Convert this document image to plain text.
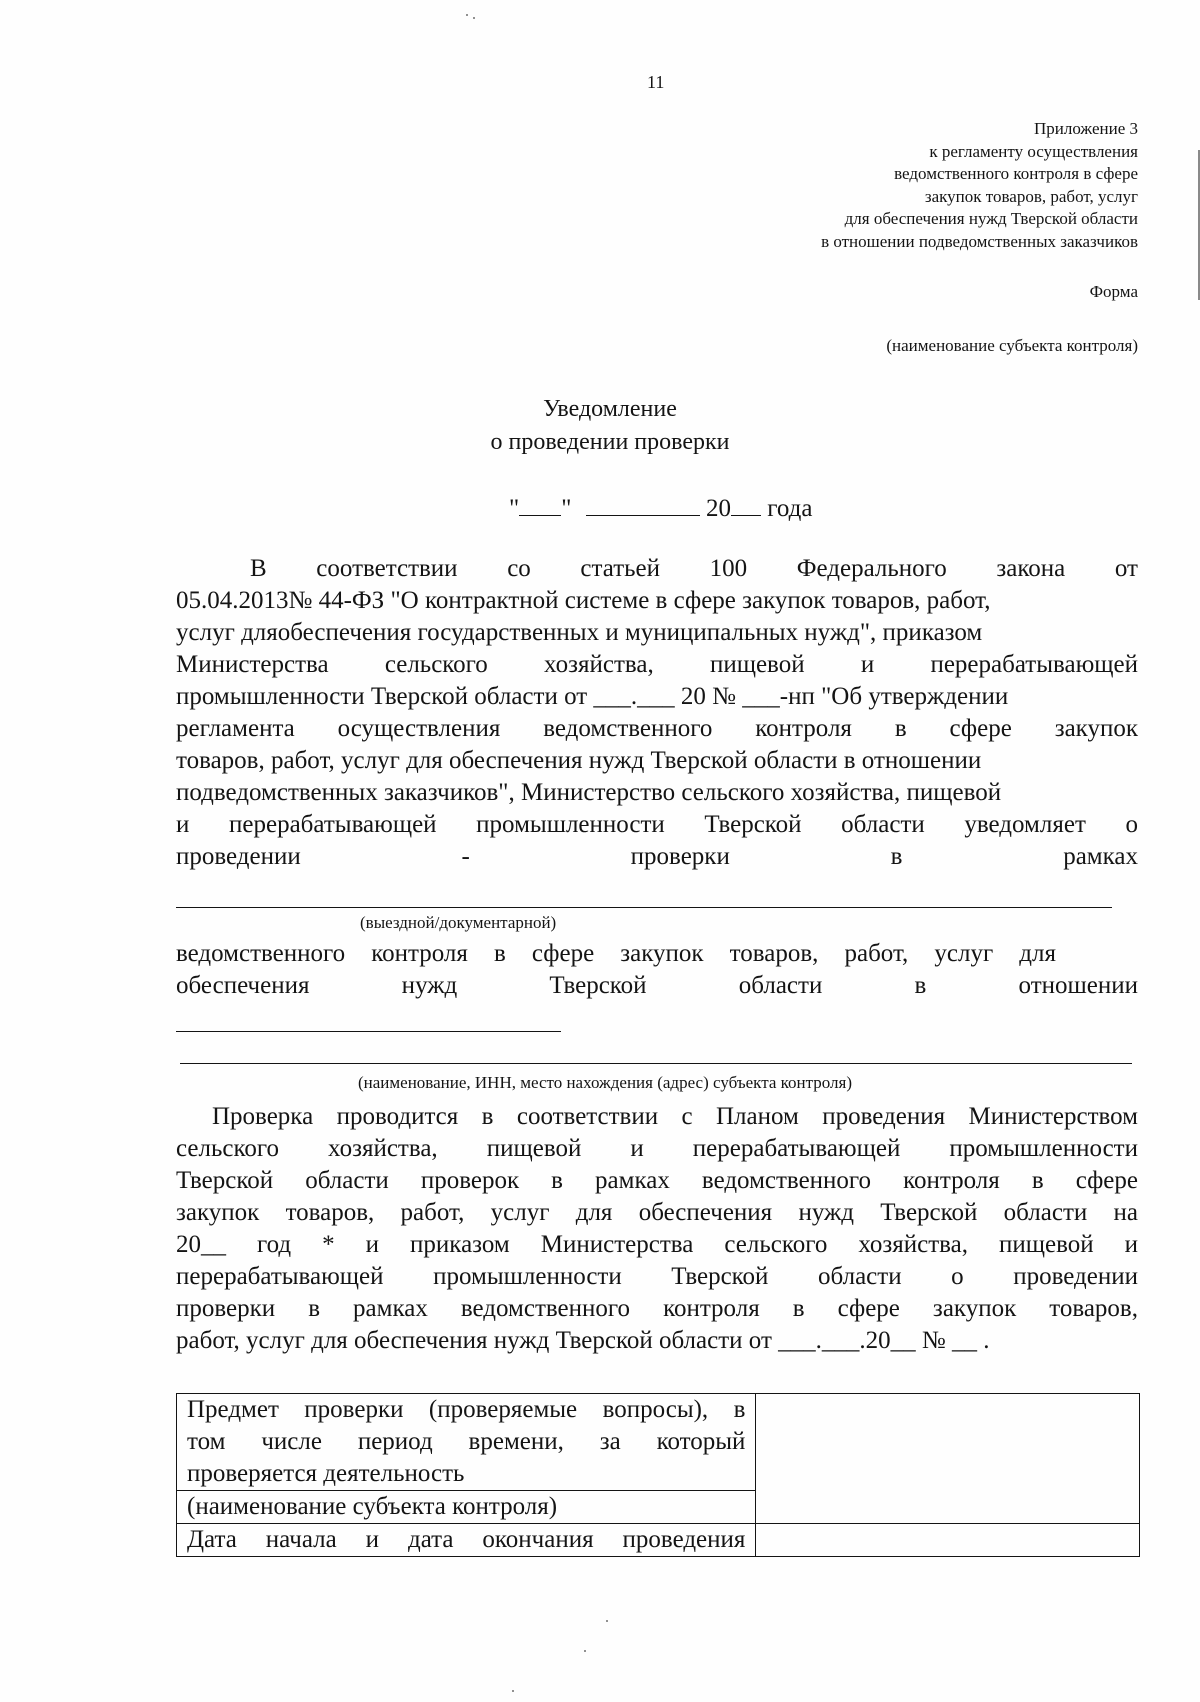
11
Приложение 3
к регламенту осуществления
ведомственного контроля в сфере
закупок товаров, работ, услуг
для обеспечения нужд Тверской области
в отношении подведомственных заказчиков
Форма
(наименование субъекта контроля)
Уведомление
о проведении проверки
" "	20 года
В соответствии со статьей 100 Федерального закона от
05.04.2013№ 44-ФЗ "О контрактной системе в сфере закупок товаров, работ,
услуг дляобеспечения государственных и муниципальных нужд", приказом
Министерства сельского хозяйства, пищевой и перерабатывающей
промышленности Тверской области от ___.___ 20 № ___-нп "Об утверждении
регламента осуществления ведомственного контроля в сфере закупок
товаров, работ, услуг для обеспечения нужд Тверской области в отношении
подведомственных заказчиков", Министерство сельского хозяйства, пищевой
и перерабатывающей промышленности Тверской области уведомляет о
проведении - проверки в рамках
(выездной/документарной)
ведомственного контроля в сфере закупок товаров, работ, услуг для
обеспечения нужд Тверской области в отношении
(наименование, ИНН, место нахождения (адрес) субъекта контроля)
Проверка проводится в соответствии с Планом проведения Министерством
сельского хозяйства, пищевой и перерабатывающей промышленности
Тверской области проверок в рамках ведомственного контроля в сфере
закупок товаров, работ, услуг для обеспечения нужд Тверской области на
20__ год * и приказом Министерства сельского хозяйства, пищевой и
перерабатывающей промышленности Тверской области о проведении
проверки в рамках ведомственного контроля в сфере закупок товаров,
работ, услуг для обеспечения нужд Тверской области от ___.___.20__ № __ .
Предмет проверки (проверяемые вопросы), в
том числе период времени, за который
проверяется деятельность	

(наименование субъекта контроля)	

Дата начала и дата окончания проведения	
